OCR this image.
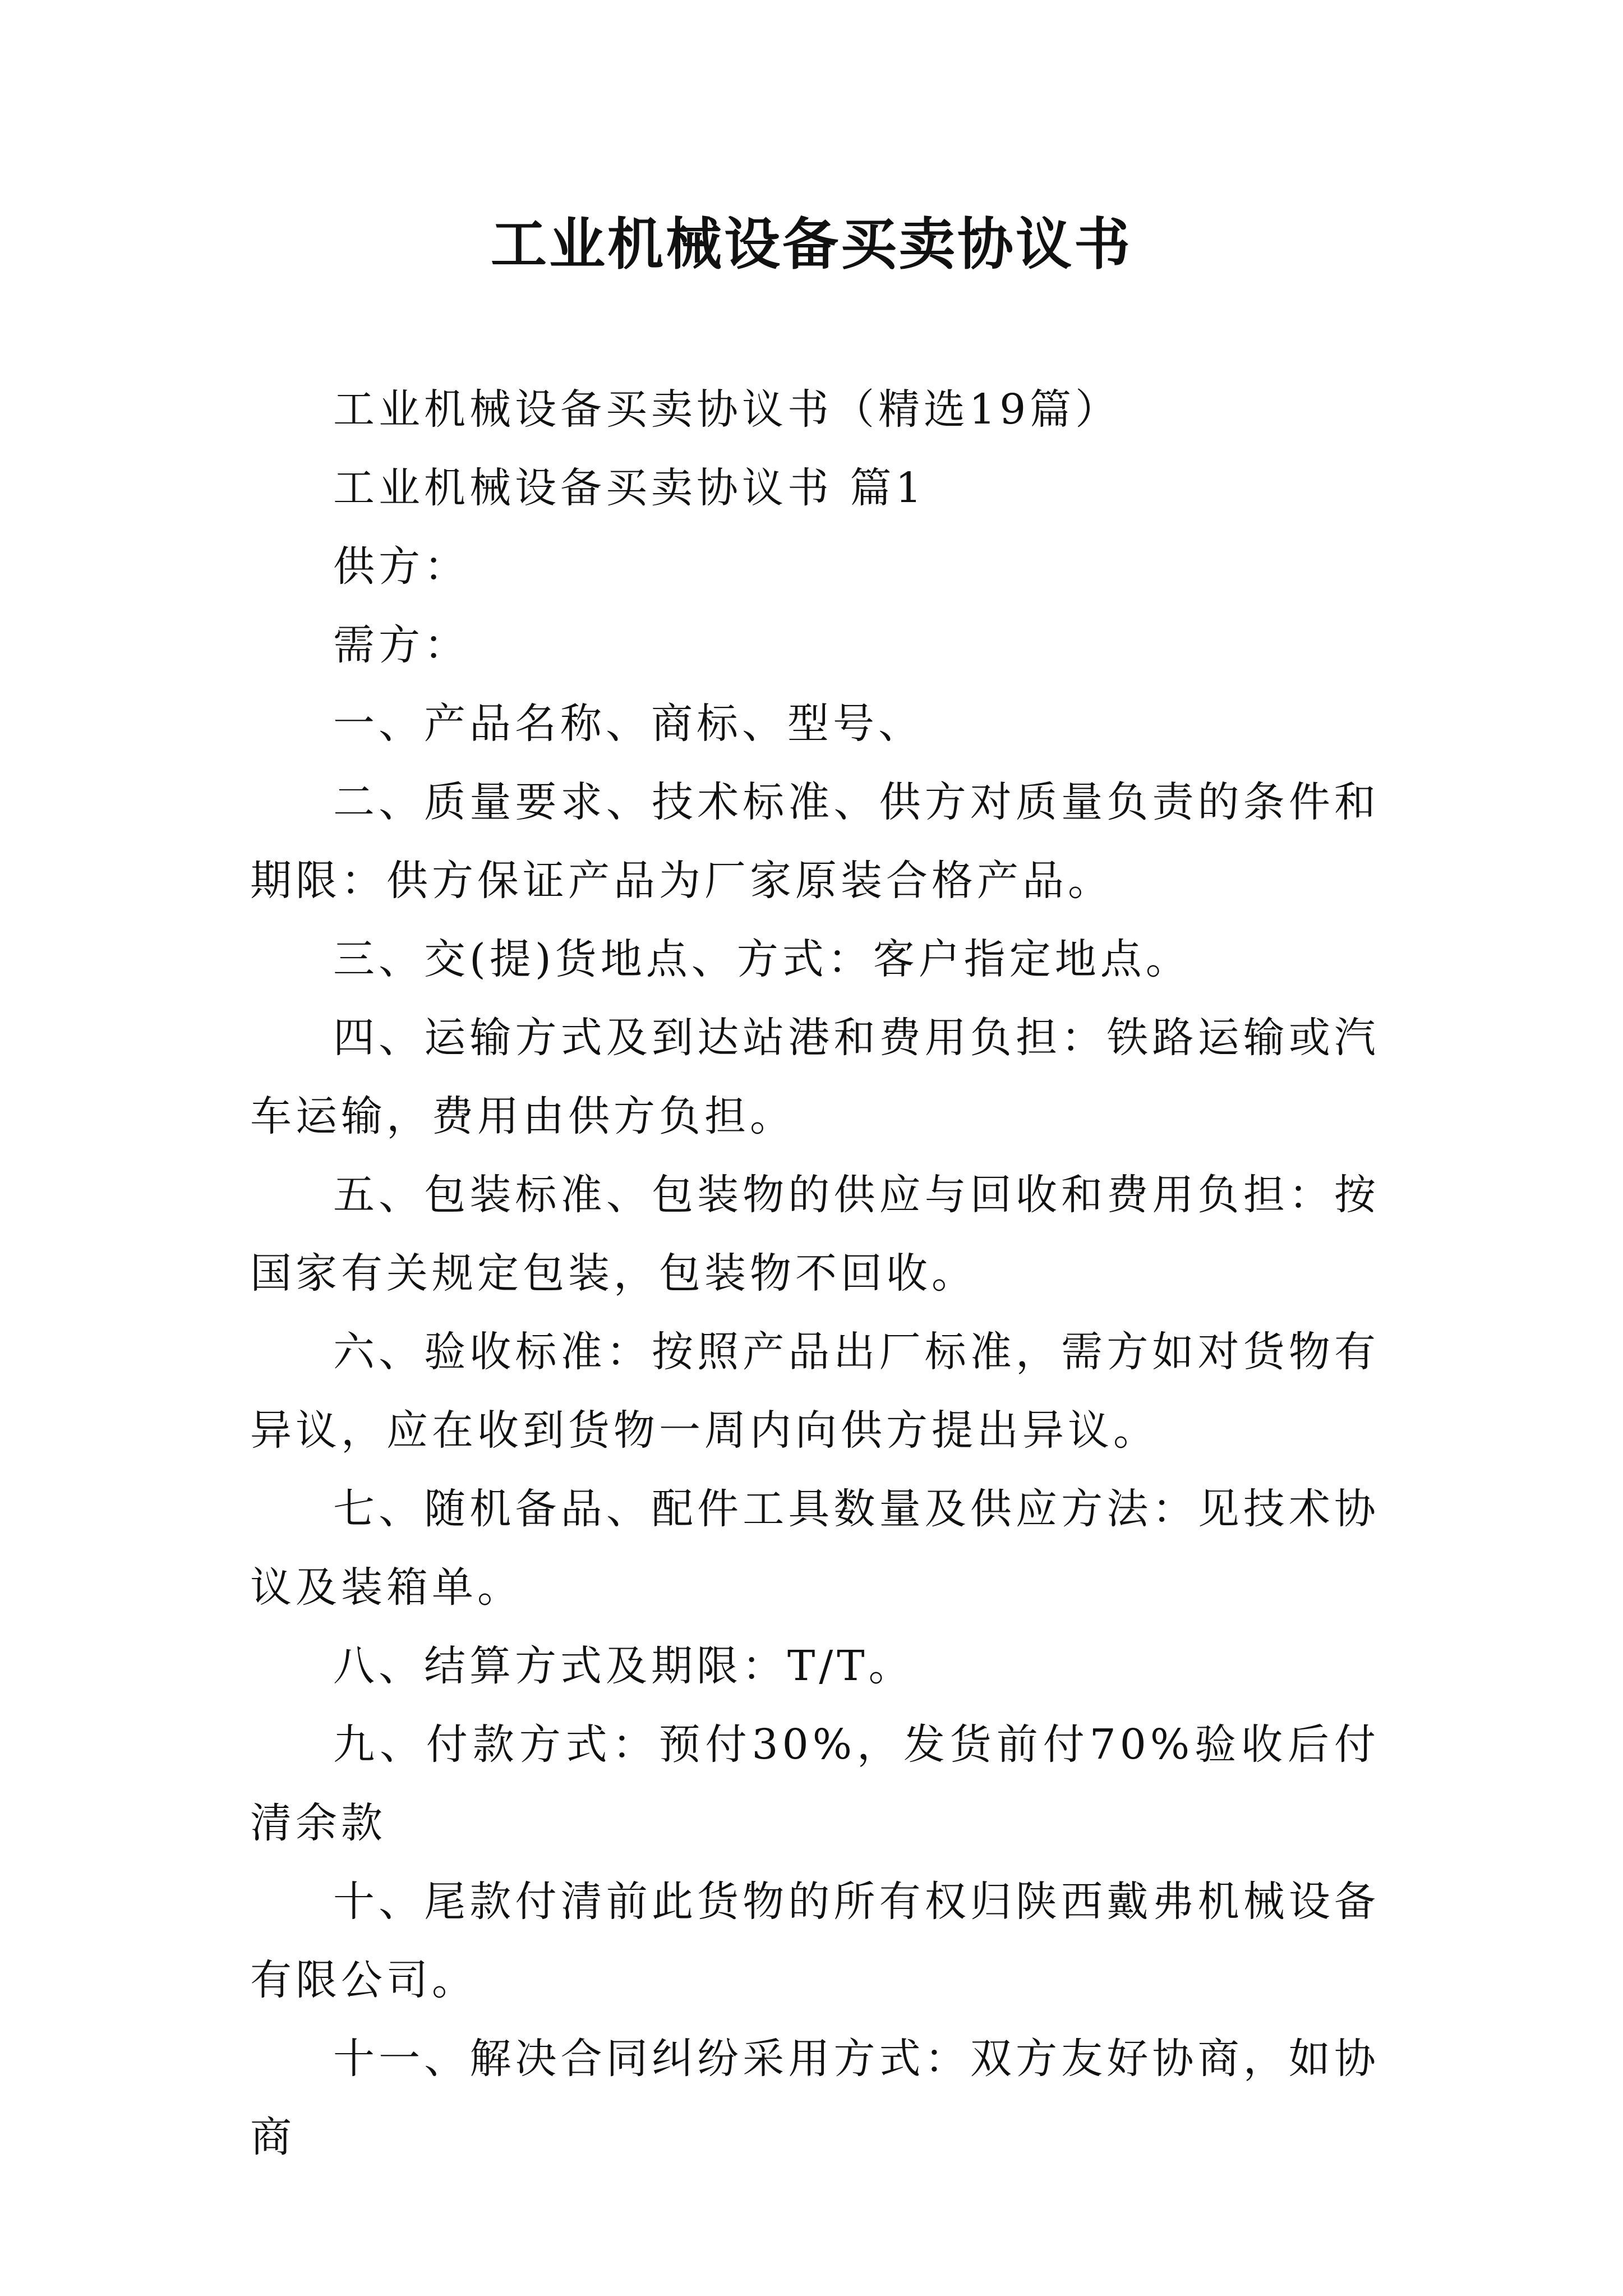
工业机械设备买卖协议书

工业机械设备买卖协议书（精选19篇）

工业机械设备买卖协议书 篇1

供方：

需方：

一、产品名称、商标、型号、

二、质量要求、技术标准、供方对质量负责的条件和期限：供方保证产品为厂家原装合格产品。

三、交(提)货地点、方式：客户指定地点。

四、运输方式及到达站港和费用负担：铁路运输或汽车运输，费用由供方负担。

五、包装标准、包装物的供应与回收和费用负担：按国家有关规定包装，包装物不回收。

六、验收标准：按照产品出厂标准，需方如对货物有异议，应在收到货物一周内向供方提出异议。

七、随机备品、配件工具数量及供应方法：见技术协议及装箱单。

八、结算方式及期限：T/T。

九、付款方式：预付30%，发货前付70%验收后付清余款

十、尾款付清前此货物的所有权归陕西戴弗机械设备有限公司。

十一、解决合同纠纷采用方式：双方友好协商，如协商
